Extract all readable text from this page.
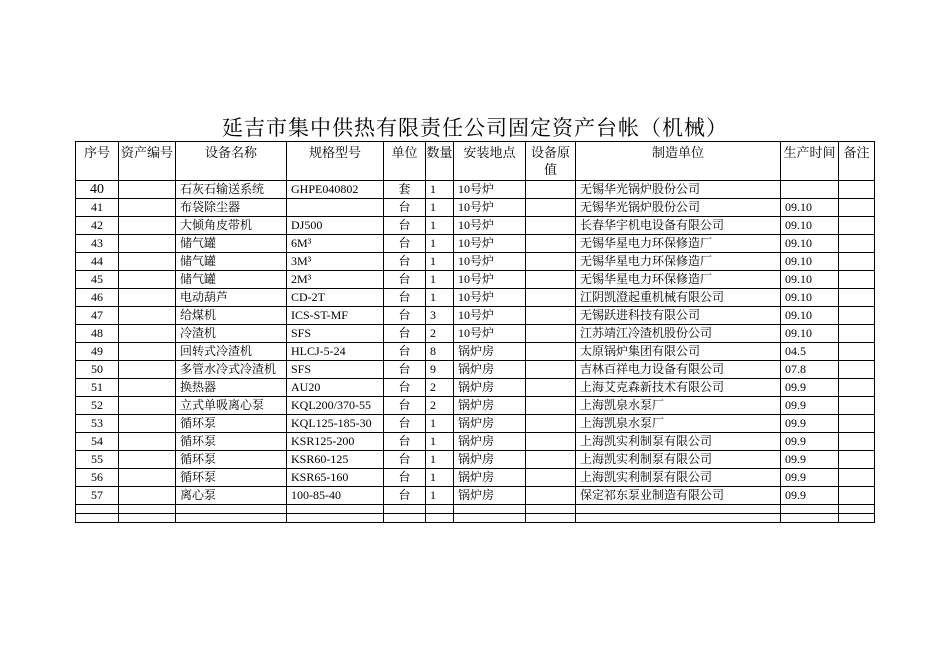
延吉市集中供热有限责任公司固定资产台帐（机械）
序号	资产编号	设备名称	规格型号	单位	数量	安装地点	设备原值	制造单位	生产时间	备注
40		石灰石输送系统	GHPE040802	套	1	10号炉		无锡华光锅炉股份公司		
41		布袋除尘器		台	1	10号炉		无锡华光锅炉股份公司	09.10	
42		大倾角皮带机	DJ500	台	1	10号炉		长春华宇机电设备有限公司	09.10	
43		储气罐	6M³	台	1	10号炉		无锡华星电力环保修造厂	09.10	
44		储气罐	3M³	台	1	10号炉		无锡华星电力环保修造厂	09.10	
45		储气罐	2M³	台	1	10号炉		无锡华星电力环保修造厂	09.10	
46		电动葫芦	CD-2T	台	1	10号炉		江阴凯澄起重机械有限公司	09.10	
47		给煤机	ICS-ST-MF	台	3	10号炉		无锡跃进科技有限公司	09.10	
48		冷渣机	SFS	台	2	10号炉		江苏靖江冷渣机股份公司	09.10	
49		回转式冷渣机	HLCJ-5-24	台	8	锅炉房		太原锅炉集团有限公司	04.5	
50		多管水冷式冷渣机	SFS	台	9	锅炉房		吉林百祥电力设备有限公司	07.8	
51		换热器	AU20	台	2	锅炉房		上海艾克森新技术有限公司	09.9	
52		立式单吸离心泵	KQL200/370-55	台	2	锅炉房		上海凯泉水泵厂	09.9	
53		循环泵	KQL125-185-30	台	1	锅炉房		上海凯泉水泵厂	09.9	
54		循环泵	KSR125-200	台	1	锅炉房		上海凯实利制泵有限公司	09.9	
55		循环泵	KSR60-125	台	1	锅炉房		上海凯实利制泵有限公司	09.9	
56		循环泵	KSR65-160	台	1	锅炉房		上海凯实利制泵有限公司	09.9	
57		离心泵	100-85-40	台	1	锅炉房		保定祁东泵业制造有限公司	09.9	
